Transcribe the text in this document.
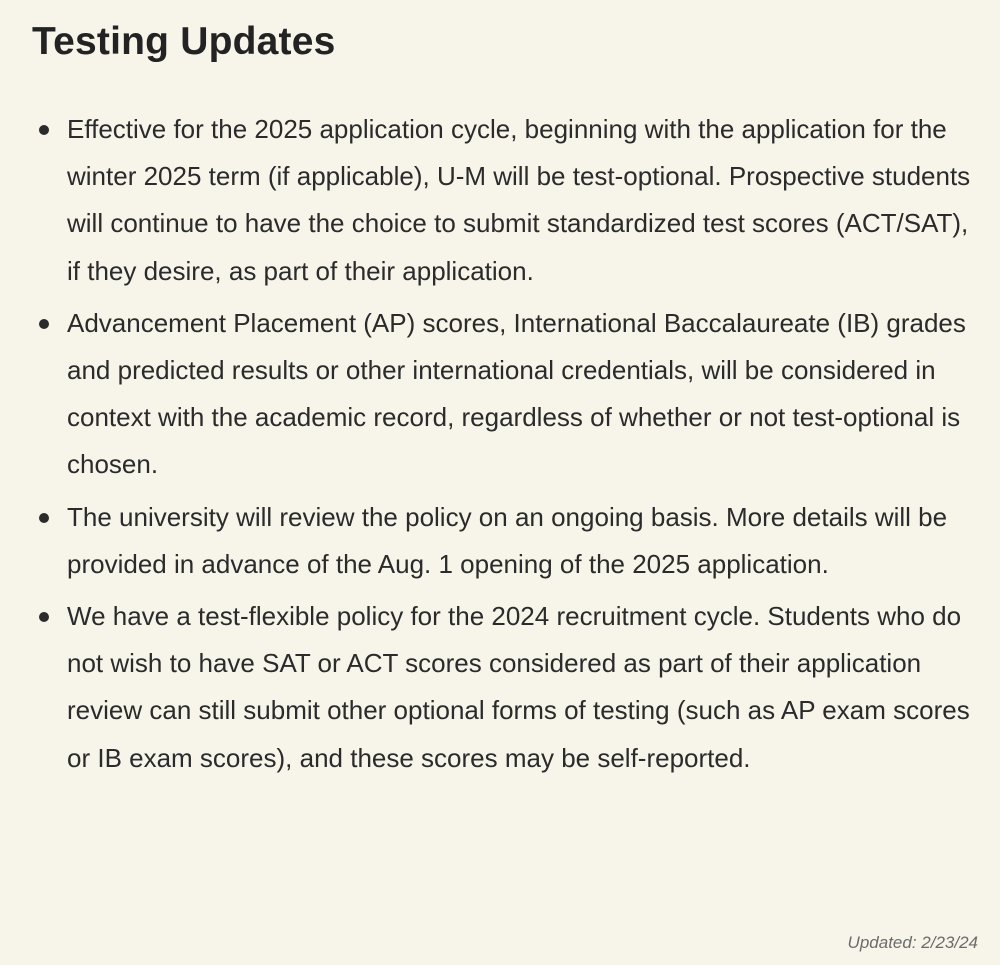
Testing Updates
Effective for the 2025 application cycle, beginning with the application for the winter 2025 term (if applicable), U-M will be test-optional. Prospective students will continue to have the choice to submit standardized test scores (ACT/SAT), if they desire, as part of their application.
Advancement Placement (AP) scores, International Baccalaureate (IB) grades and predicted results or other international credentials, will be considered in context with the academic record, regardless of whether or not test-optional is chosen.
The university will review the policy on an ongoing basis. More details will be provided in advance of the Aug. 1 opening of the 2025 application.
We have a test-flexible policy for the 2024 recruitment cycle. Students who do not wish to have SAT or ACT scores considered as part of their application review can still submit other optional forms of testing (such as AP exam scores or IB exam scores), and these scores may be self-reported.
Updated: 2/23/24
